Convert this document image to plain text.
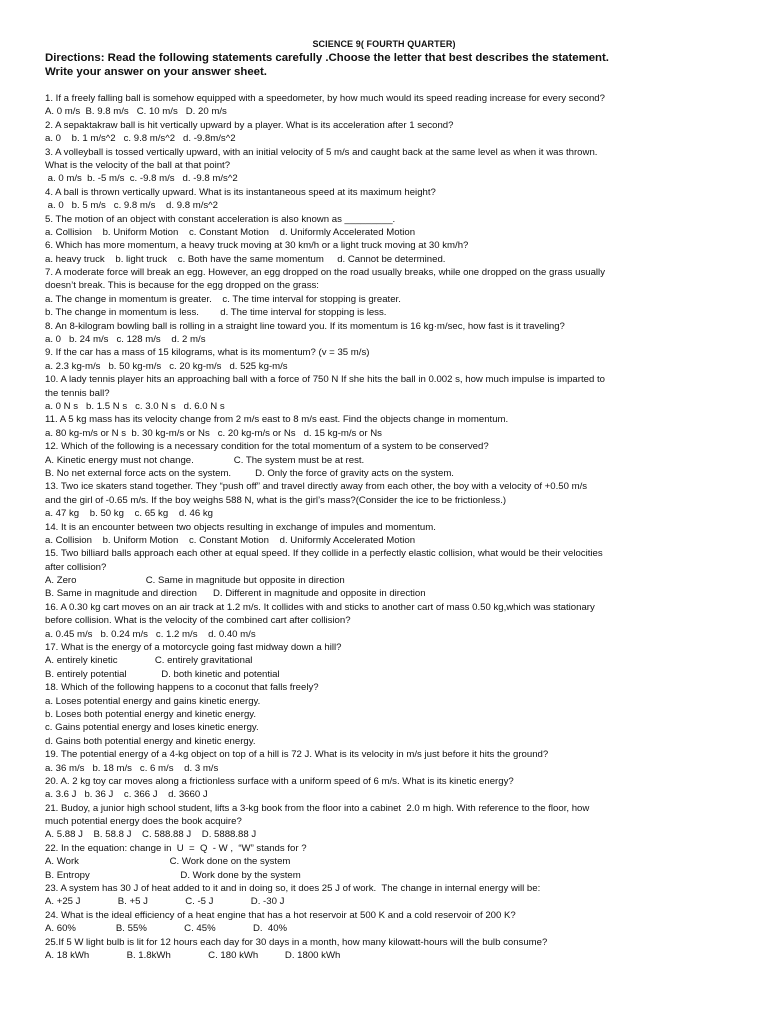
SCIENCE 9( FOURTH QUARTER)
Directions: Read the following statements carefully .Choose the letter that best describes the statement.
Write your answer on your answer sheet.
1. If a freely falling ball is somehow equipped with a speedometer, by how much would its speed reading increase for every second?
A. 0 m/s  B. 9.8 m/s   C. 10 m/s   D. 20 m/s
2. A sepaktakraw ball is hit vertically upward by a player. What is its acceleration after 1 second?
a. 0    b. 1 m/s^2   c. 9.8 m/s^2   d. -9.8m/s^2
3. A volleyball is tossed vertically upward, with an initial velocity of 5 m/s and caught back at the same level as when it was thrown.
What is the velocity of the ball at that point?
a. 0 m/s  b. -5 m/s  c. -9.8 m/s   d. -9.8 m/s^2
4. A ball is thrown vertically upward. What is its instantaneous speed at its maximum height?
a. 0   b. 5 m/s   c. 9.8 m/s    d. 9.8 m/s^2
5. The motion of an object with constant acceleration is also known as _________.
a. Collision    b. Uniform Motion    c. Constant Motion    d. Uniformly Accelerated Motion
6. Which has more momentum, a heavy truck moving at 30 km/h or a light truck moving at 30 km/h?
a. heavy truck    b. light truck    c. Both have the same momentum     d. Cannot be determined.
7. A moderate force will break an egg. However, an egg dropped on the road usually breaks, while one dropped on the grass usually
doesn’t break. This is because for the egg dropped on the grass:
a. The change in momentum is greater.    c. The time interval for stopping is greater.
b. The change in momentum is less.        d. The time interval for stopping is less.
8. An 8-kilogram bowling ball is rolling in a straight line toward you. If its momentum is 16 kg·m/sec, how fast is it traveling?
a. 0   b. 24 m/s   c. 128 m/s    d. 2 m/s
9. If the car has a mass of 15 kilograms, what is its momentum? (v = 35 m/s)
a. 2.3 kg-m/s   b. 50 kg-m/s   c. 20 kg-m/s   d. 525 kg-m/s
10. A lady tennis player hits an approaching ball with a force of 750 N If she hits the ball in 0.002 s, how much impulse is imparted to
the tennis ball?
a. 0 N s   b. 1.5 N s   c. 3.0 N s   d. 6.0 N s
11. A 5 kg mass has its velocity change from 2 m/s east to 8 m/s east. Find the objects change in momentum.
a. 80 kg-m/s or N s  b. 30 kg-m/s or Ns   c. 20 kg-m/s or Ns   d. 15 kg-m/s or Ns
12. Which of the following is a necessary condition for the total momentum of a system to be conserved?
A. Kinetic energy must not change.               C. The system must be at rest.
B. No net external force acts on the system.         D. Only the force of gravity acts on the system.
13. Two ice skaters stand together. They “push off” and travel directly away from each other, the boy with a velocity of +0.50 m/s
and the girl of -0.65 m/s. If the boy weighs 588 N, what is the girl’s mass?(Consider the ice to be frictionless.)
a. 47 kg    b. 50 kg    c. 65 kg    d. 46 kg
14. It is an encounter between two objects resulting in exchange of impules and momentum.
a. Collision    b. Uniform Motion    c. Constant Motion    d. Uniformly Accelerated Motion
15. Two billiard balls approach each other at equal speed. If they collide in a perfectly elastic collision, what would be their velocities
after collision?
A. Zero                          C. Same in magnitude but opposite in direction
B. Same in magnitude and direction      D. Different in magnitude and opposite in direction
16. A 0.30 kg cart moves on an air track at 1.2 m/s. It collides with and sticks to another cart of mass 0.50 kg,which was stationary
before collision. What is the velocity of the combined cart after collision?
a. 0.45 m/s   b. 0.24 m/s   c. 1.2 m/s    d. 0.40 m/s
17. What is the energy of a motorcycle going fast midway down a hill?
A. entirely kinetic              C. entirely gravitational
B. entirely potential             D. both kinetic and potential
18. Which of the following happens to a coconut that falls freely?
a. Loses potential energy and gains kinetic energy.
b. Loses both potential energy and kinetic energy.
c. Gains potential energy and loses kinetic energy.
d. Gains both potential energy and kinetic energy.
19. The potential energy of a 4-kg object on top of a hill is 72 J. What is its velocity in m/s just before it hits the ground?
a. 36 m/s   b. 18 m/s   c. 6 m/s    d. 3 m/s
20. A. 2 kg toy car moves along a frictionless surface with a uniform speed of 6 m/s. What is its kinetic energy?
a. 3.6 J   b. 36 J    c. 366 J    d. 3660 J
21. Budoy, a junior high school student, lifts a 3-kg book from the floor into a cabinet  2.0 m high. With reference to the floor, how
much potential energy does the book acquire?
A. 5.88 J    B. 58.8 J    C. 588.88 J    D. 5888.88 J
22. In the equation: change in  U  =  Q  - W ,  “W” stands for ?
A. Work                                  C. Work done on the system
B. Entropy                                  D. Work done by the system
23. A system has 30 J of heat added to it and in doing so, it does 25 J of work.  The change in internal energy will be:
A. +25 J              B. +5 J              C. -5 J              D. -30 J
24. What is the ideal efficiency of a heat engine that has a hot reservoir at 500 K and a cold reservoir of 200 K?
A. 60%               B. 55%              C. 45%              D.  40%
25.If 5 W light bulb is lit for 12 hours each day for 30 days in a month, how many kilowatt-hours will the bulb consume?
A. 18 kWh              B. 1.8kWh              C. 180 kWh          D. 1800 kWh
